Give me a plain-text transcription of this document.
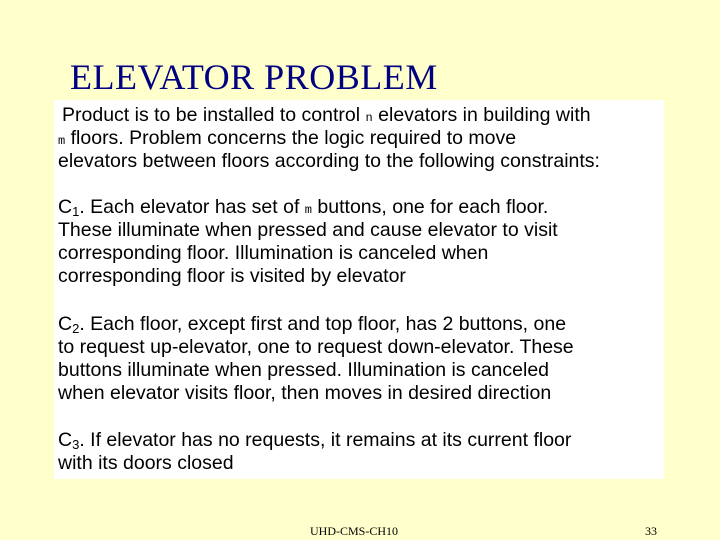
ELEVATOR PROBLEM
Product is to be installed to control n elevators in building with
m floors. Problem concerns the logic required to move
elevators between floors according to the following constraints:
$C_1$. Each elevator has set of m buttons, one for each floor.
These illuminate when pressed and cause elevator to visit
corresponding floor. Illumination is canceled when
corresponding floor is visited by elevator
$C_2$. Each floor, except first and top floor, has 2 buttons, one
to request up-elevator, one to request down-elevator. These
buttons illuminate when pressed. Illumination is canceled
when elevator visits floor, then moves in desired direction
$C_3$. If elevator has no requests, it remains at its current floor
with its doors closed
UHD-CMS-CH10	33
